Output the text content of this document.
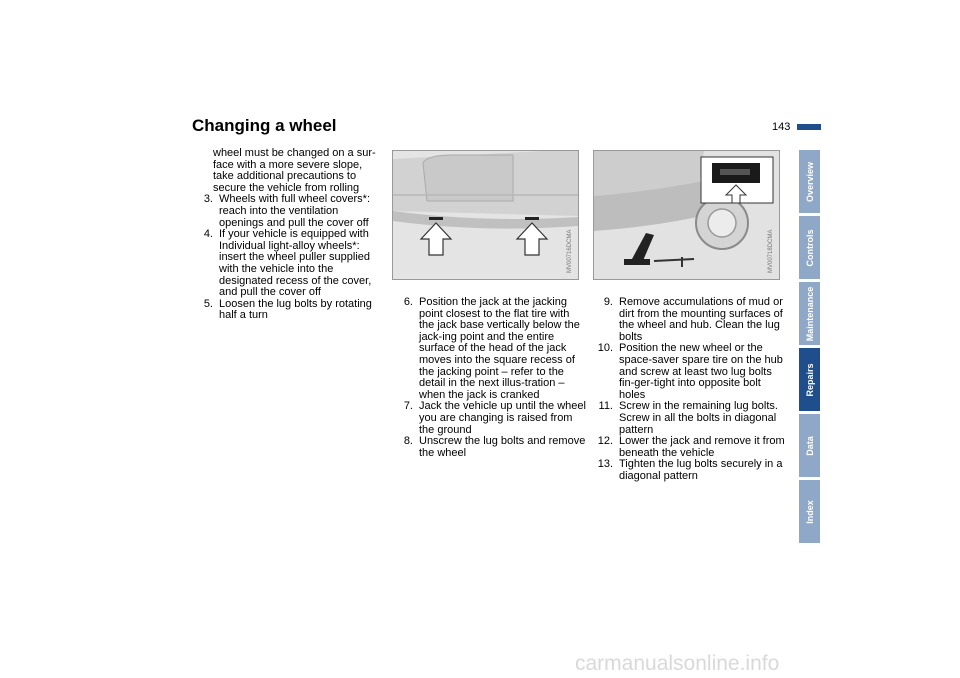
Changing a wheel	143

wheel must be changed on a sur-face with a more severe slope, take additional precautions to secure the vehicle from rolling

3. Wheels with full wheel covers*: reach into the ventilation openings and pull the cover off
4. If your vehicle is equipped with Individual light-alloy wheels*: insert the wheel puller supplied with the vehicle into the designated recess of the cover, and pull the cover off
5. Loosen the lug bolts by rotating half a turn
MV00716DCMA
6. Position the jack at the jacking point closest to the flat tire with the jack base vertically below the jack-ing point and the entire surface of the head of the jack moves into the square recess of the jacking point – refer to the detail in the next illus-tration – when the jack is cranked
7. Jack the vehicle up until the wheel you are changing is raised from the ground
8. Unscrew the lug bolts and remove the wheel
MV00718DCMA
9. Remove accumulations of mud or dirt from the mounting surfaces of the wheel and hub. Clean the lug bolts
10. Position the new wheel or the space-saver spare tire on the hub and screw at least two lug bolts fin-ger-tight into opposite bolt holes
11. Screw in the remaining lug bolts. Screw in all the bolts in diagonal pattern
12. Lower the jack and remove it from beneath the vehicle
13. Tighten the lug bolts securely in a diagonal pattern
Overview
Controls
Maintenance
Repairs
Data
Index
carmanualsonline.info
